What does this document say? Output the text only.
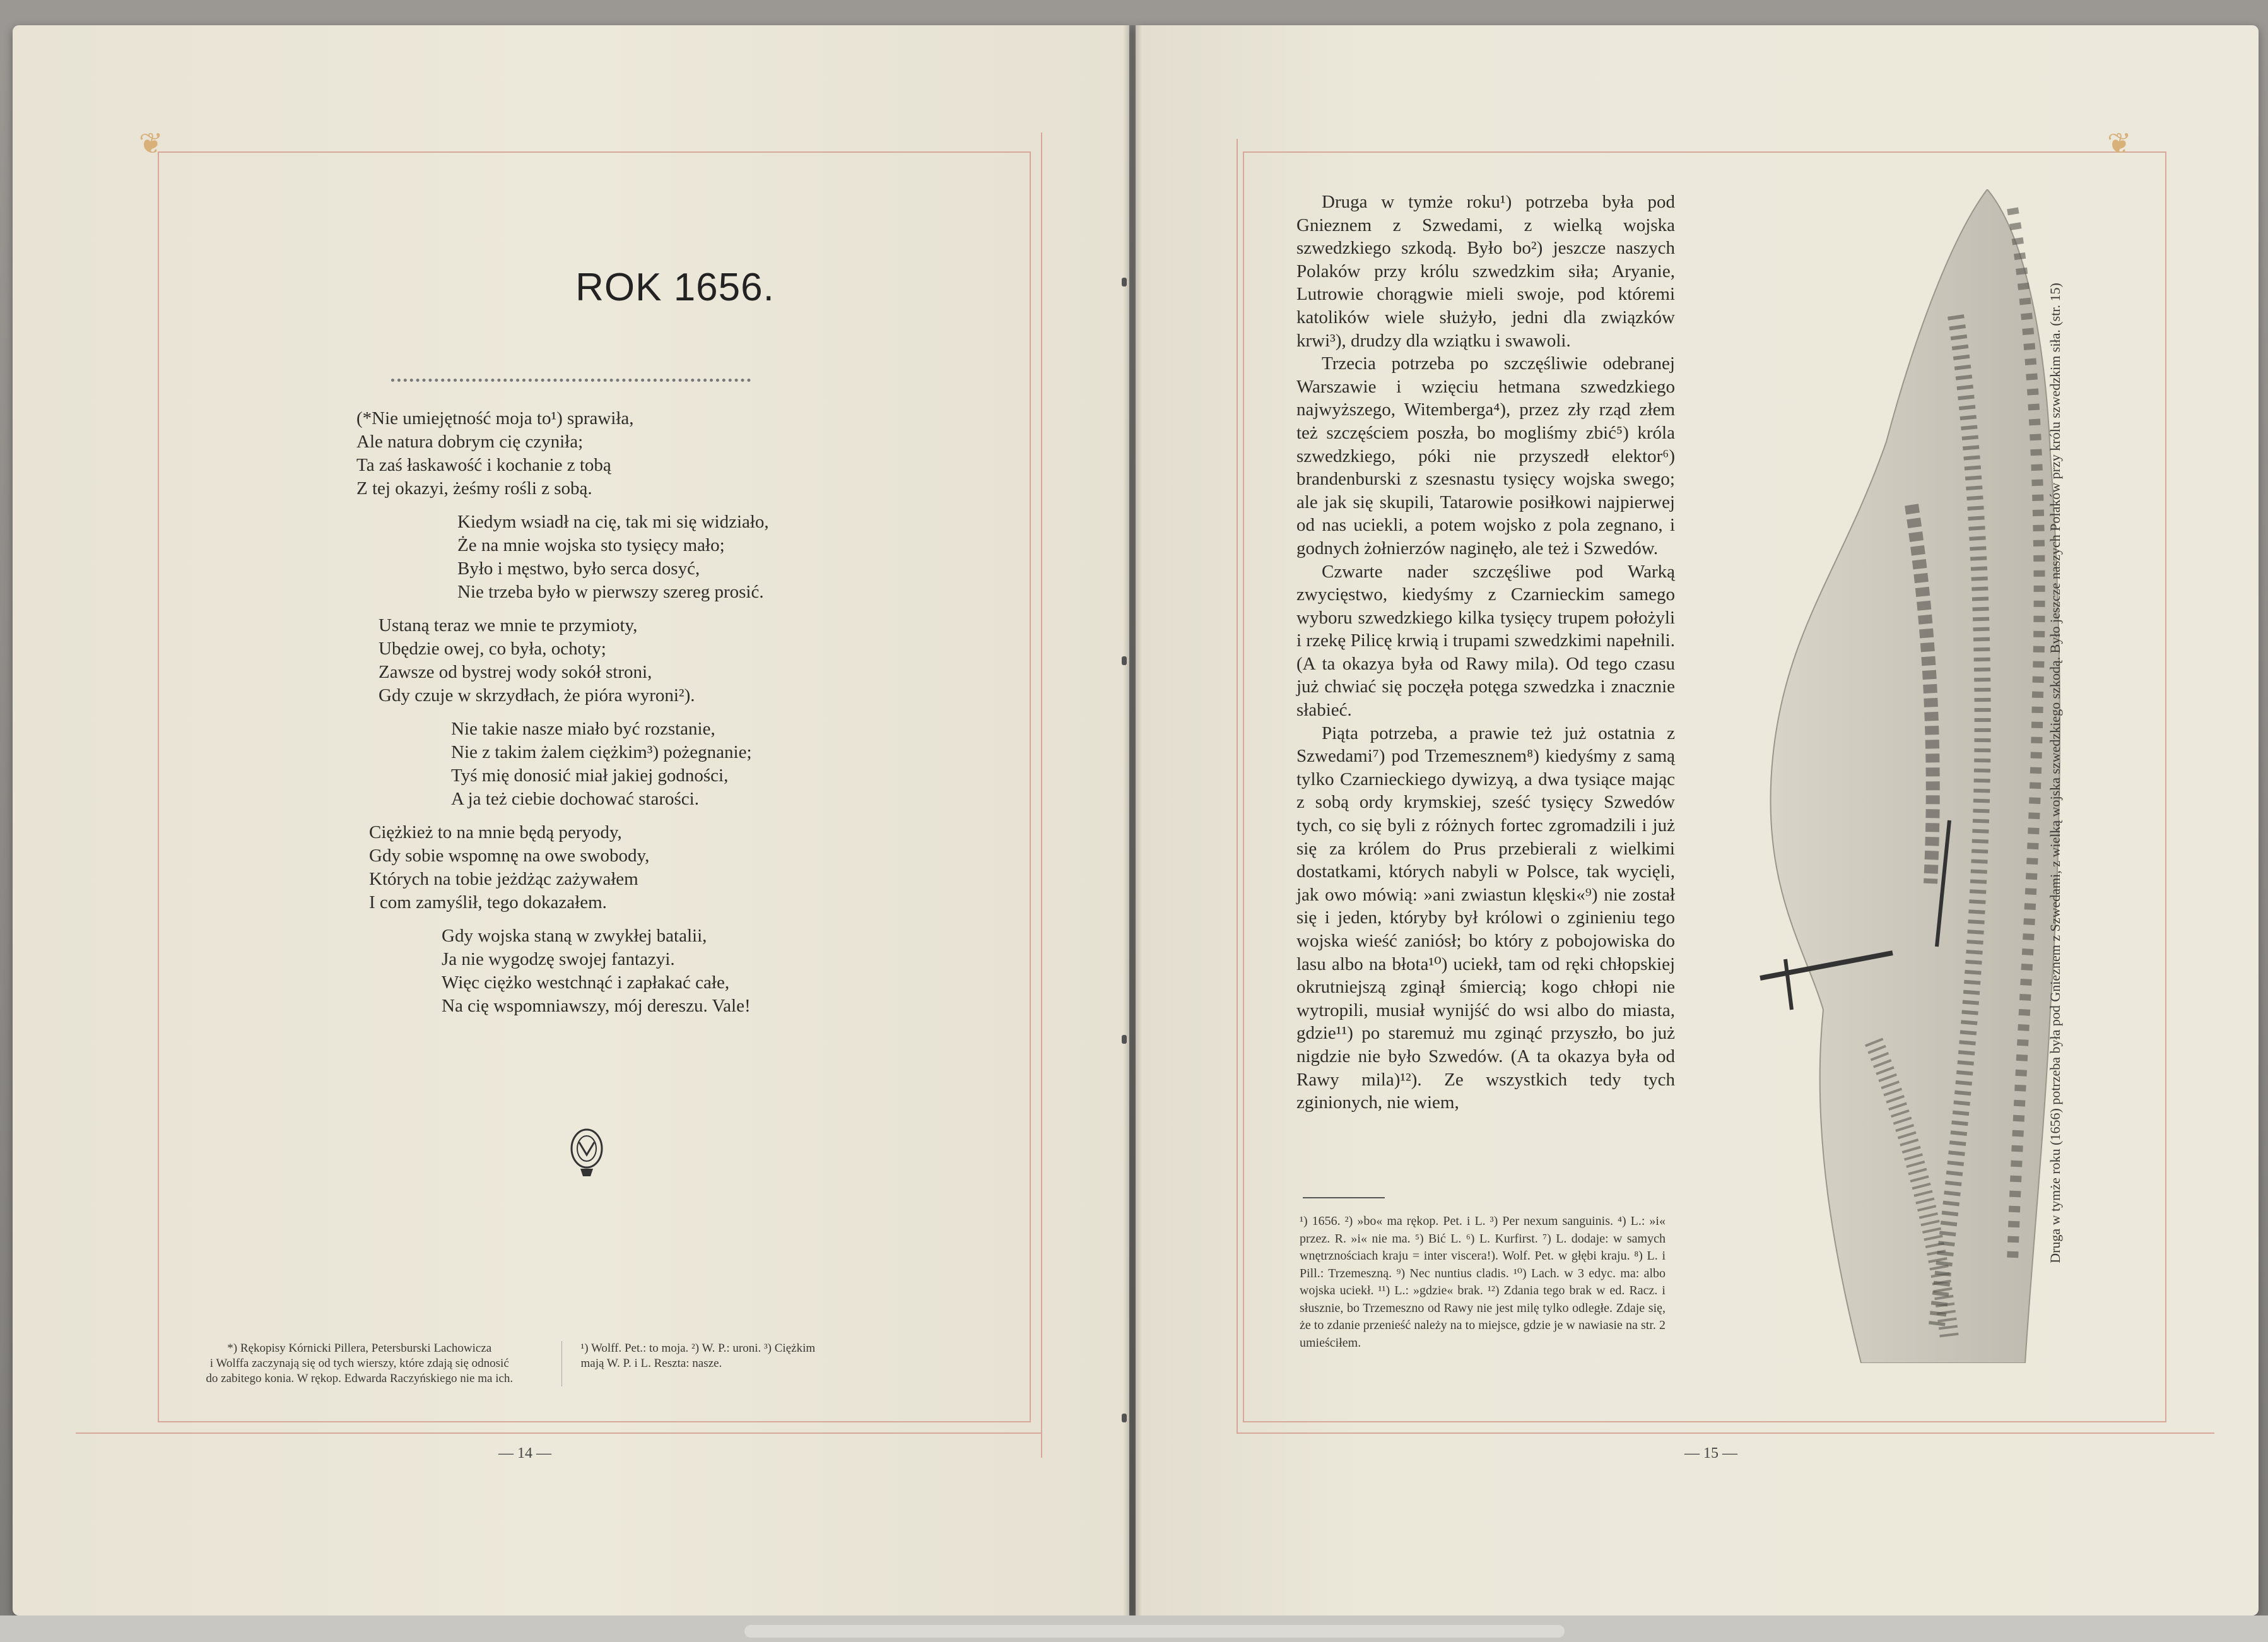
❦
ROK 1656.
(*Nie umiejętność moja to¹) sprawiła,
Ale natura dobrym cię czyniła;
Ta zaś łaskawość i kochanie z tobą
Z tej okazyi, żeśmy rośli z sobą.
Kiedym wsiadł na cię, tak mi się widziało,
Że na mnie wojska sto tysięcy mało;
Było i męstwo, było serca dosyć,
Nie trzeba było w pierwszy szereg prosić.
Ustaną teraz we mnie te przymioty,
Ubędzie owej, co była, ochoty;
Zawsze od bystrej wody sokół stroni,
Gdy czuje w skrzydłach, że pióra wyroni²).
Nie takie nasze miało być rozstanie,
Nie z takim żalem ciężkim³) pożegnanie;
Tyś mię donosić miał jakiej godności,
A ja też ciebie dochować starości.
Ciężkież to na mnie będą peryody,
Gdy sobie wspomnę na owe swobody,
Których na tobie jeżdżąc zażywałem
I com zamyślił, tego dokazałem.
Gdy wojska staną w zwykłej batalii,
Ja nie wygodzę swojej fantazyi.
Więc ciężko westchnąć i zapłakać całe,
Na cię wspomniawszy, mój dereszu. Vale!
*) Rękopisy Kórnicki Pillera, Petersburski Lachowicza
i Wolffa zaczynają się od tych wierszy, które zdają się odnosić
do zabitego konia. W rękop. Edwarda Raczyńskiego nie ma ich.
¹) Wolff. Pet.: to moja. ²) W. P.: uroni. ³) Ciężkim
mają W. P. i L. Reszta: nasze.
— 14 —
❦

Druga w tymże roku¹) potrzeba była pod Gnieznem z Szwedami, z wielką wojska szwedzkiego szkodą. Było bo²) jeszcze naszych Polaków przy królu szwedzkim siła; Aryanie, Lutrowie chorągwie mieli swoje, pod któremi katolików wiele służyło, jedni dla związków krwi³), drudzy dla wziątku i swawoli.

Trzecia potrzeba po szczęśliwie odebranej Warszawie i wzięciu hetmana szwedzkiego najwyższego, Witemberga⁴), przez zły rząd złem też szczęściem poszła, bo mogliśmy zbić⁵) króla szwedzkiego, póki nie przyszedł elektor⁶) brandenburski z szesnastu tysięcy wojska swego; ale jak się skupili, Tatarowie posiłkowi najpierwej od nas uciekli, a potem wojsko z pola zegnano, i godnych żołnierzów naginęło, ale też i Szwedów.

Czwarte nader szczęśliwe pod Warką zwycięstwo, kiedyśmy z Czarnieckim samego wyboru szwedzkiego kilka tysięcy trupem położyli i rzekę Pilicę krwią i trupami szwedzkimi napełnili. (A ta okazya była od Rawy mila). Od tego czasu już chwiać się poczęła potęga szwedzka i znacznie słabieć.

Piąta potrzeba, a prawie też już ostatnia z Szwedami⁷) pod Trzemesznem⁸) kiedyśmy z samą tylko Czarnieckiego dywizyą, a dwa tysiące mając z sobą ordy krymskiej, sześć tysięcy Szwedów tych, co się byli z różnych fortec zgromadzili i już się za królem do Prus przebierali z wielkimi dostatkami, których nabyli w Polsce, tak wycięli, jak owo mówią: »ani zwiastun klęski«⁹) nie został się i jeden, któryby był królowi o zginieniu tego wojska wieść zaniósł; bo który z pobojowiska do lasu albo na błota¹⁰) uciekł, tam od ręki chłopskiej okrutniejszą zginął śmiercią; kogo chłopi nie wytropili, musiał wynijść do wsi albo do miasta, gdzie¹¹) po staremuż mu zginąć przyszło, bo już nigdzie nie było Szwedów. (A ta okazya była od Rawy mila)¹²). Ze wszystkich tedy tych zginionych, nie wiem,

¹) 1656. ²) »bo« ma rękop. Pet. i L. ³) Per nexum sanguinis. ⁴) L.: »i« przez. R. »i« nie ma. ⁵) Bić L. ⁶) L. Kurfirst. ⁷) L. dodaje: w samych wnętrznościach kraju = inter viscera!). Wolf. Pet. w głębi kraju. ⁸) L. i Pill.: Trzemeszną. ⁹) Nec nuntius cladis. ¹⁰) Lach. w 3 edyc. ma: albo wojska uciekł. ¹¹) L.: »gdzie« brak. ¹²) Zdania tego brak w ed. Racz. i słusznie, bo Trzemeszno od Rawy nie jest milę tylko odległe. Zdaje się, że to zdanie przenieść należy na to miejsce, gdzie je w nawiasie na str. 2 umieściłem.
Druga w tymże roku (1656) potrzeba była pod Gnieznem z Szwedami, z wielką wojska szwedzkiego szkodą. Było jeszcze naszych Polaków przy królu szwedzkim siła. (str. 15)
— 15 —
